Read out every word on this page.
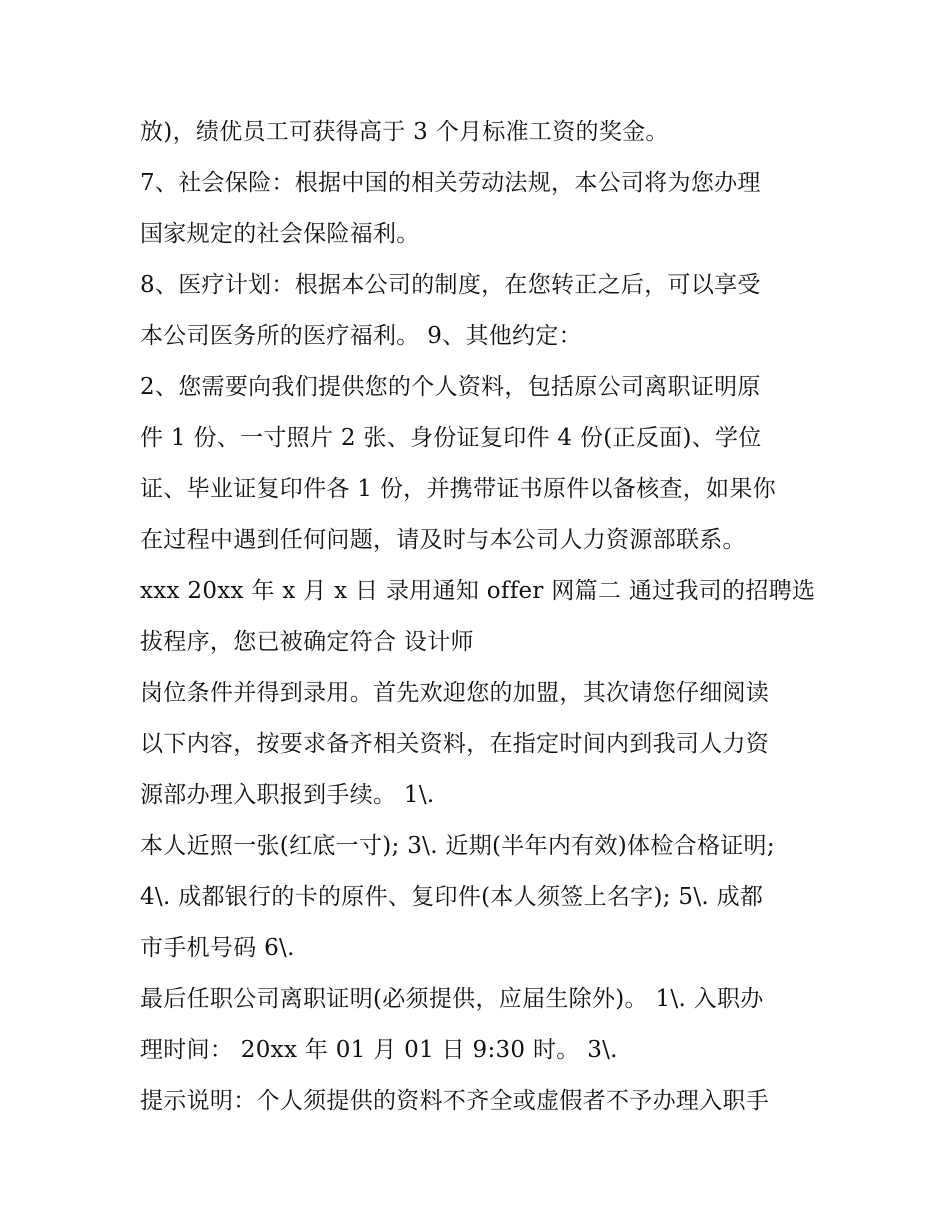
放)，绩优员工可获得高于 3 个月标准工资的奖金。
7、社会保险：根据中国的相关劳动法规，本公司将为您办理
国家规定的社会保险福利。
8、医疗计划：根据本公司的制度，在您转正之后，可以享受
本公司医务所的医疗福利。 9、其他约定：
2、您需要向我们提供您的个人资料，包括原公司离职证明原
件 1 份、一寸照片 2 张、身份证复印件 4 份(正反面)、学位
证、毕业证复印件各 1 份，并携带证书原件以备核查，如果你
在过程中遇到任何问题，请及时与本公司人力资源部联系。
xxx 20xx 年 x 月 x 日 录用通知 offer 网篇二 通过我司的招聘选
拔程序，您已被确定符合 设计师
岗位条件并得到录用。首先欢迎您的加盟，其次请您仔细阅读
以下内容，按要求备齐相关资料，在指定时间内到我司人力资
源部办理入职报到手续。 1\.
本人近照一张(红底一寸); 3\. 近期(半年内有效)体检合格证明;
4\. 成都银行的卡的原件、复印件(本人须签上名字); 5\. 成都
市手机号码 6\.
最后任职公司离职证明(必须提供，应届生除外)。 1\. 入职办
理时间： 20xx 年 01 月 01 日 9:30 时。 3\.
提示说明：个人须提供的资料不齐全或虚假者不予办理入职手
